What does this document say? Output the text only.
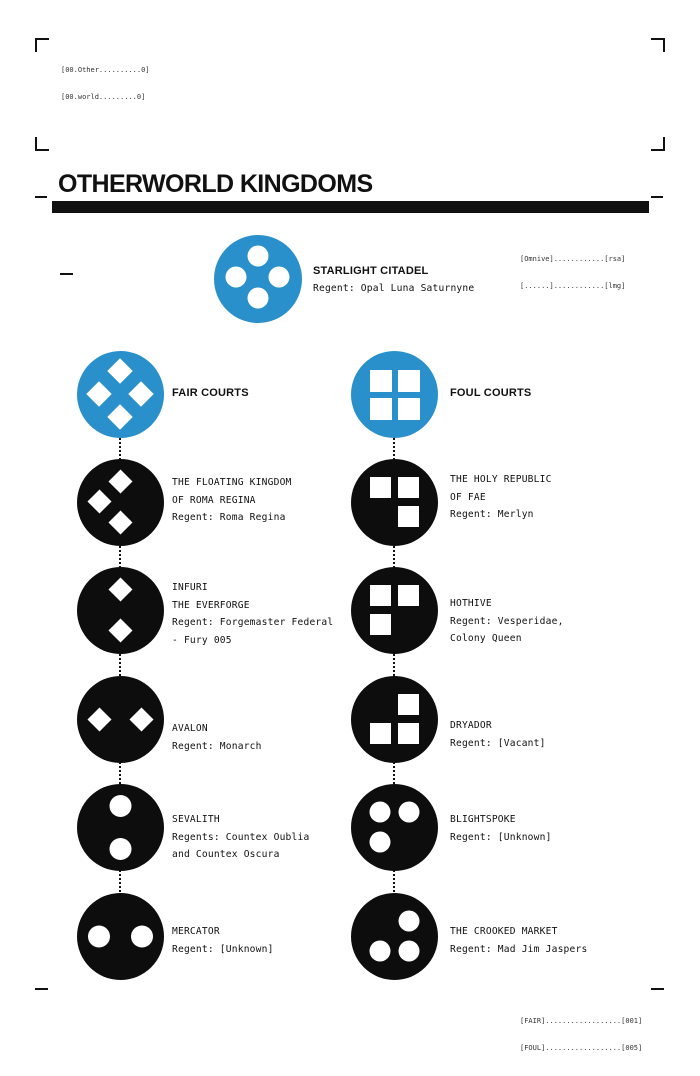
[00.Other..........0]

[00.world.........0]

OTHERWORLD KINGDOMS

[Omnive]............[rsa]

[......]............[lmg]

STARLIGHT CITADEL
Regent: Opal Luna Saturnyne
FAIR COURTS	FOUL COURTS
THE FLOATING KINGDOM
OF ROMA REGINA
Regent: Roma Regina
INFURI
THE EVERFORGE
Regent: Forgemaster Federal
- Fury 005
AVALON
Regent: Monarch
SEVALITH
Regents: Countex Oublia
and Countex Oscura
MERCATOR
Regent: [Unknown]
THE HOLY REPUBLIC
OF FAE
Regent: Merlyn
HOTHIVE
Regent: Vesperidae,
Colony Queen
DRYADOR
Regent: [Vacant]
BLIGHTSPOKE
Regent: [Unknown]
THE CROOKED MARKET
Regent: Mad Jim Jaspers

[FAIR]..................[001]

[FOUL]..................[005]
